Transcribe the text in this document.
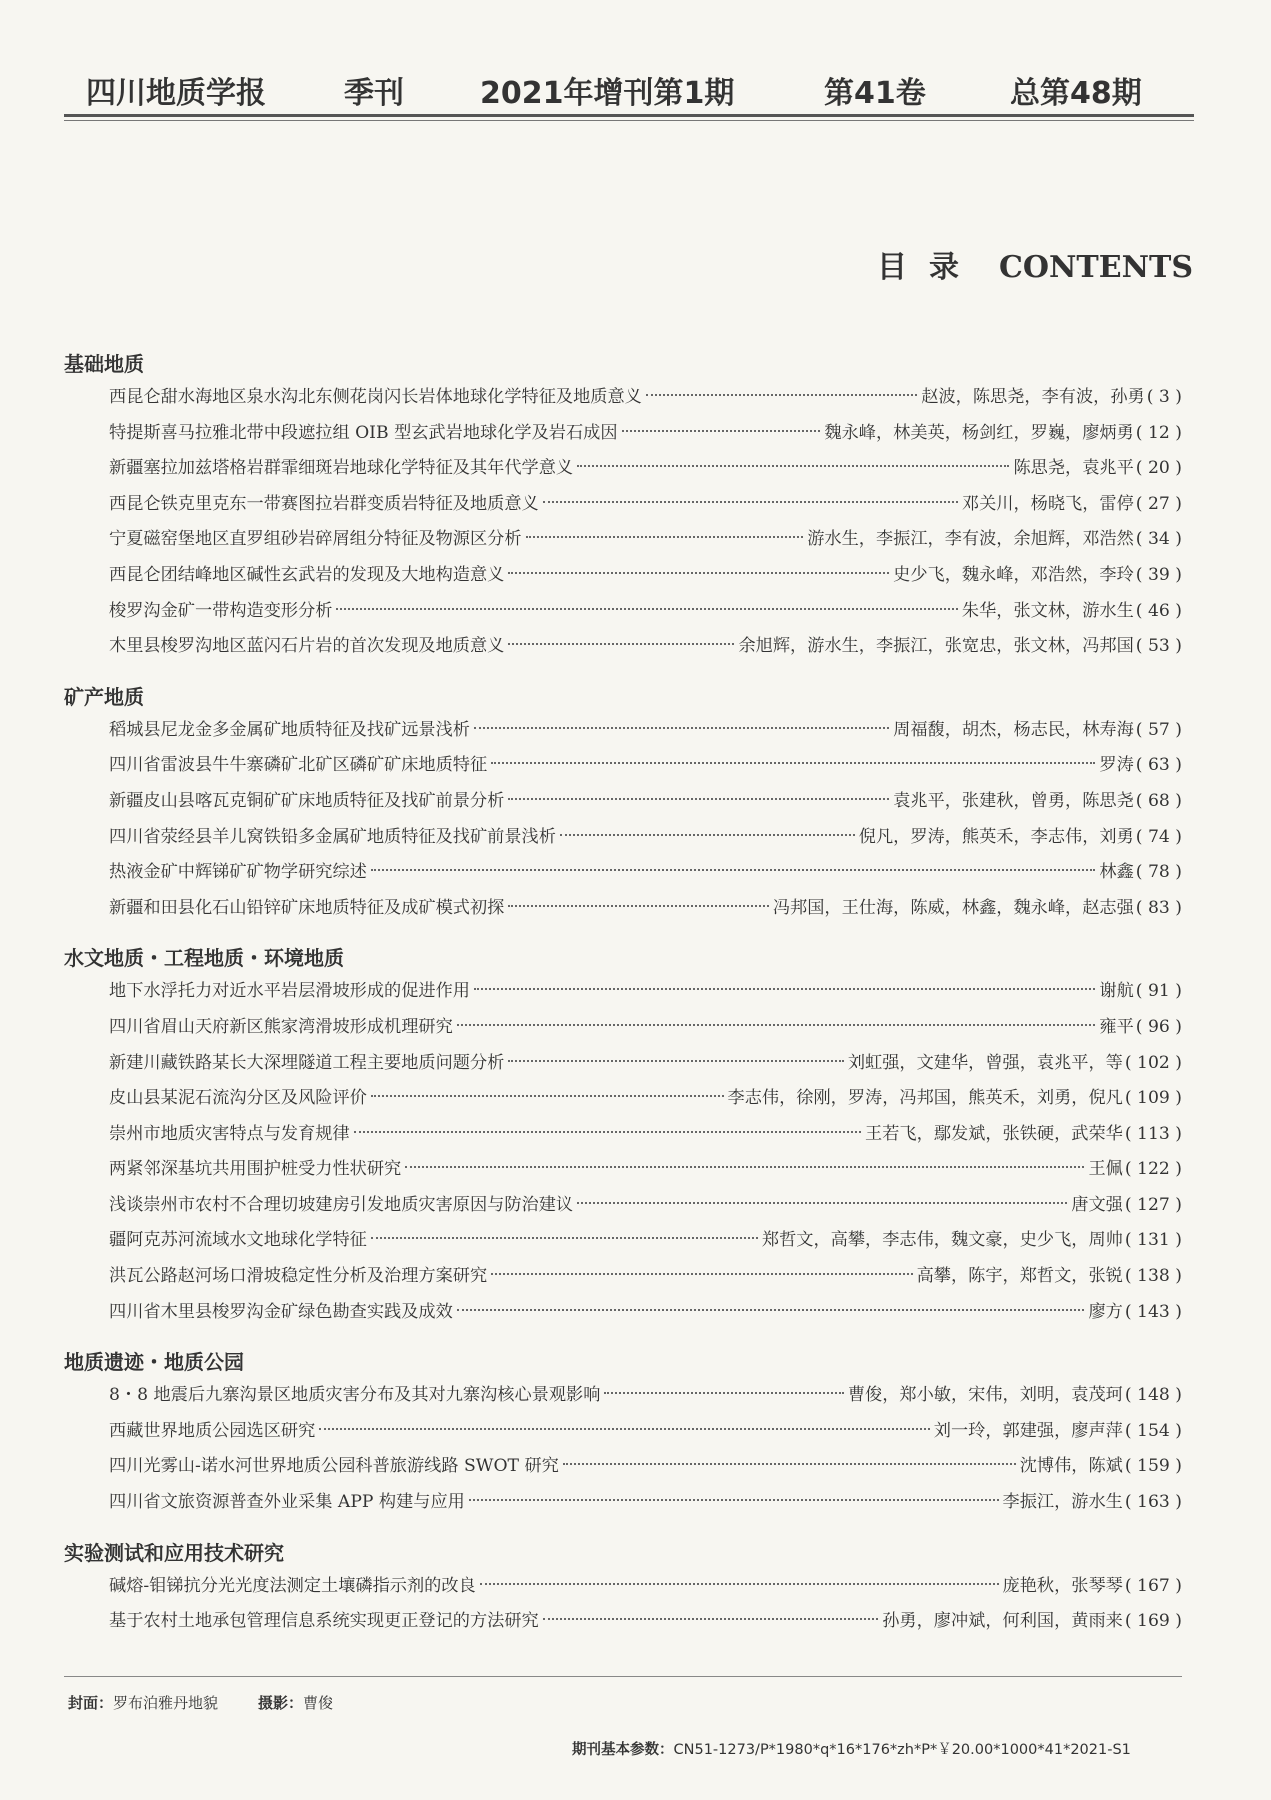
四川地质学报	季刊	2021年增刊第1期	第41卷	总第48期
目录 CONTENTS
基础地质
西昆仑甜水海地区泉水沟北东侧花岗闪长岩体地球化学特征及地质意义	赵波，陈思尧，李有波，孙勇 ( 3 )
特提斯喜马拉雅北带中段遮拉组 OIB 型玄武岩地球化学及岩石成因	魏永峰，林美英，杨剑红，罗巍，廖炳勇 ( 12 )
新疆塞拉加兹塔格岩群霏细斑岩地球化学特征及其年代学意义	陈思尧，袁兆平 ( 20 )
西昆仑铁克里克东一带赛图拉岩群变质岩特征及地质意义	邓关川，杨晓飞，雷停 ( 27 )
宁夏磁窑堡地区直罗组砂岩碎屑组分特征及物源区分析	游水生，李振江，李有波，余旭辉，邓浩然 ( 34 )
西昆仑团结峰地区碱性玄武岩的发现及大地构造意义	史少飞，魏永峰，邓浩然，李玲 ( 39 )
梭罗沟金矿一带构造变形分析	朱华，张文林，游水生 ( 46 )
木里县梭罗沟地区蓝闪石片岩的首次发现及地质意义	余旭辉，游水生，李振江，张宽忠，张文林，冯邦国 ( 53 )
矿产地质
稻城县尼龙金多金属矿地质特征及找矿远景浅析	周福馥，胡杰，杨志民，林寿海 ( 57 )
四川省雷波县牛牛寨磷矿北矿区磷矿矿床地质特征	罗涛 ( 63 )
新疆皮山县喀瓦克铜矿矿床地质特征及找矿前景分析	袁兆平，张建秋，曾勇，陈思尧 ( 68 )
四川省荥经县羊儿窝铁铅多金属矿地质特征及找矿前景浅析	倪凡，罗涛，熊英禾，李志伟，刘勇 ( 74 )
热液金矿中辉锑矿矿物学研究综述	林鑫 ( 78 )
新疆和田县化石山铅锌矿床地质特征及成矿模式初探	冯邦国，王仕海，陈威，林鑫，魏永峰，赵志强 ( 83 )
水文地质・工程地质・环境地质
地下水浮托力对近水平岩层滑坡形成的促进作用	谢航 ( 91 )
四川省眉山天府新区熊家湾滑坡形成机理研究	雍平 ( 96 )
新建川藏铁路某长大深埋隧道工程主要地质问题分析	刘虹强，文建华，曾强，袁兆平，等 ( 102 )
皮山县某泥石流沟分区及风险评价	李志伟，徐刚，罗涛，冯邦国，熊英禾，刘勇，倪凡 ( 109 )
崇州市地质灾害特点与发育规律	王若飞，鄢发斌，张铁硬，武荣华 ( 113 )
两紧邻深基坑共用围护桩受力性状研究	王佩 ( 122 )
浅谈崇州市农村不合理切坡建房引发地质灾害原因与防治建议	唐文强 ( 127 )
疆阿克苏河流域水文地球化学特征	郑哲文，高攀，李志伟，魏文豪，史少飞，周帅 ( 131 )
洪瓦公路赵河场口滑坡稳定性分析及治理方案研究	高攀，陈宇，郑哲文，张锐 ( 138 )
四川省木里县梭罗沟金矿绿色勘查实践及成效	廖方 ( 143 )
地质遗迹・地质公园
8・8 地震后九寨沟景区地质灾害分布及其对九寨沟核心景观影响	曹俊，郑小敏，宋伟，刘明，袁茂珂 ( 148 )
西藏世界地质公园选区研究	刘一玲，郭建强，廖声萍 ( 154 )
四川光雾山-诺水河世界地质公园科普旅游线路 SWOT 研究	沈博伟，陈斌 ( 159 )
四川省文旅资源普查外业采集 APP 构建与应用	李振江，游水生 ( 163 )
实验测试和应用技术研究
碱熔-钼锑抗分光光度法测定土壤磷指示剂的改良	庞艳秋，张琴琴 ( 167 )
基于农村土地承包管理信息系统实现更正登记的方法研究	孙勇，廖冲斌，何利国，黄雨来 ( 169 )
封面：罗布泊雅丹地貌	摄影：曹俊
期刊基本参数：CN51-1273/P*1980*q*16*176*zh*P*￥20.00*1000*41*2021-S1
